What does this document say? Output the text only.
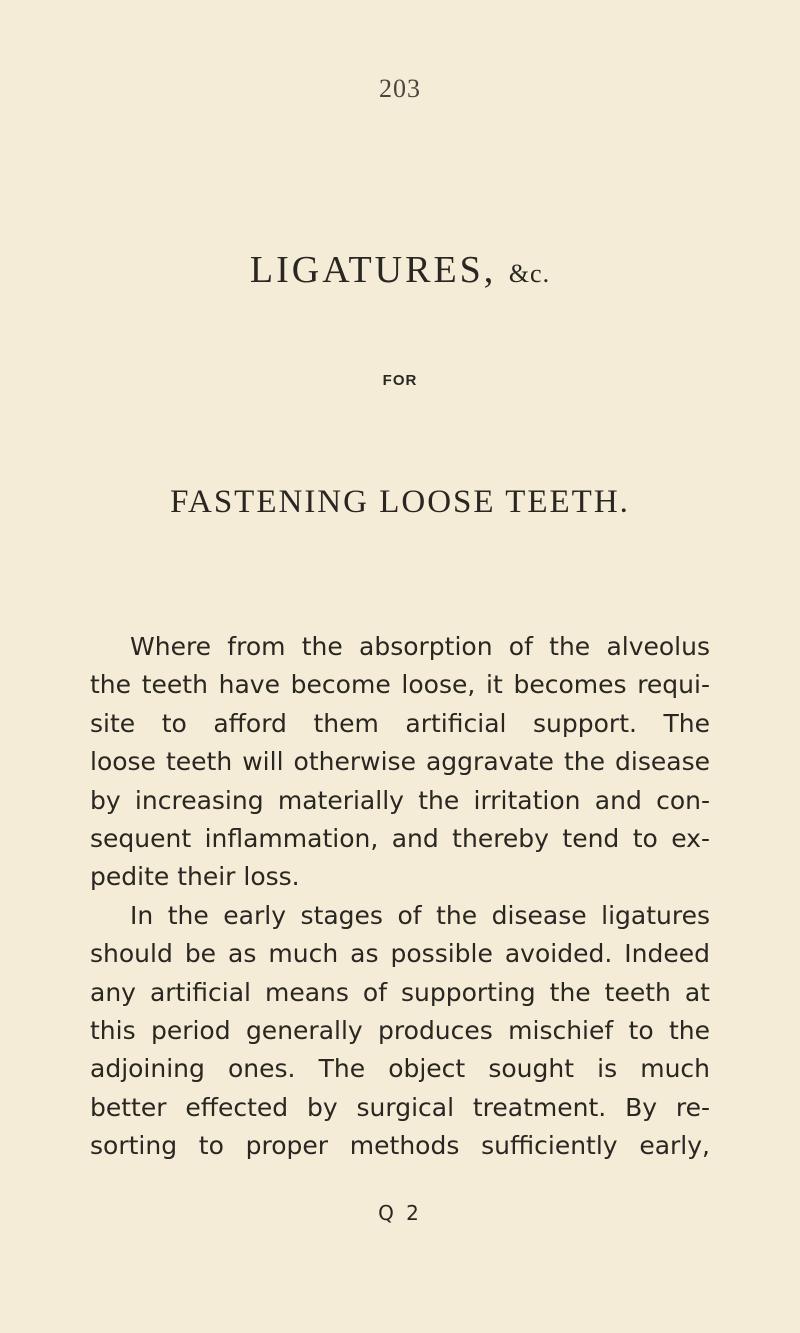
203
LIGATURES, &c.
FOR
FASTENING LOOSE TEETH.
Where from the absorption of the alveolus
the teeth have become loose, it becomes requi-
site to afford them artificial support. The
loose teeth will otherwise aggravate the disease
by increasing materially the irritation and con-
sequent inflammation, and thereby tend to ex-
pedite their loss.
In the early stages of the disease ligatures
should be as much as possible avoided. Indeed
any artificial means of supporting the teeth at
this period generally produces mischief to the
adjoining ones. The object sought is much
better effected by surgical treatment. By re-
sorting to proper methods sufficiently early,
Q 2
